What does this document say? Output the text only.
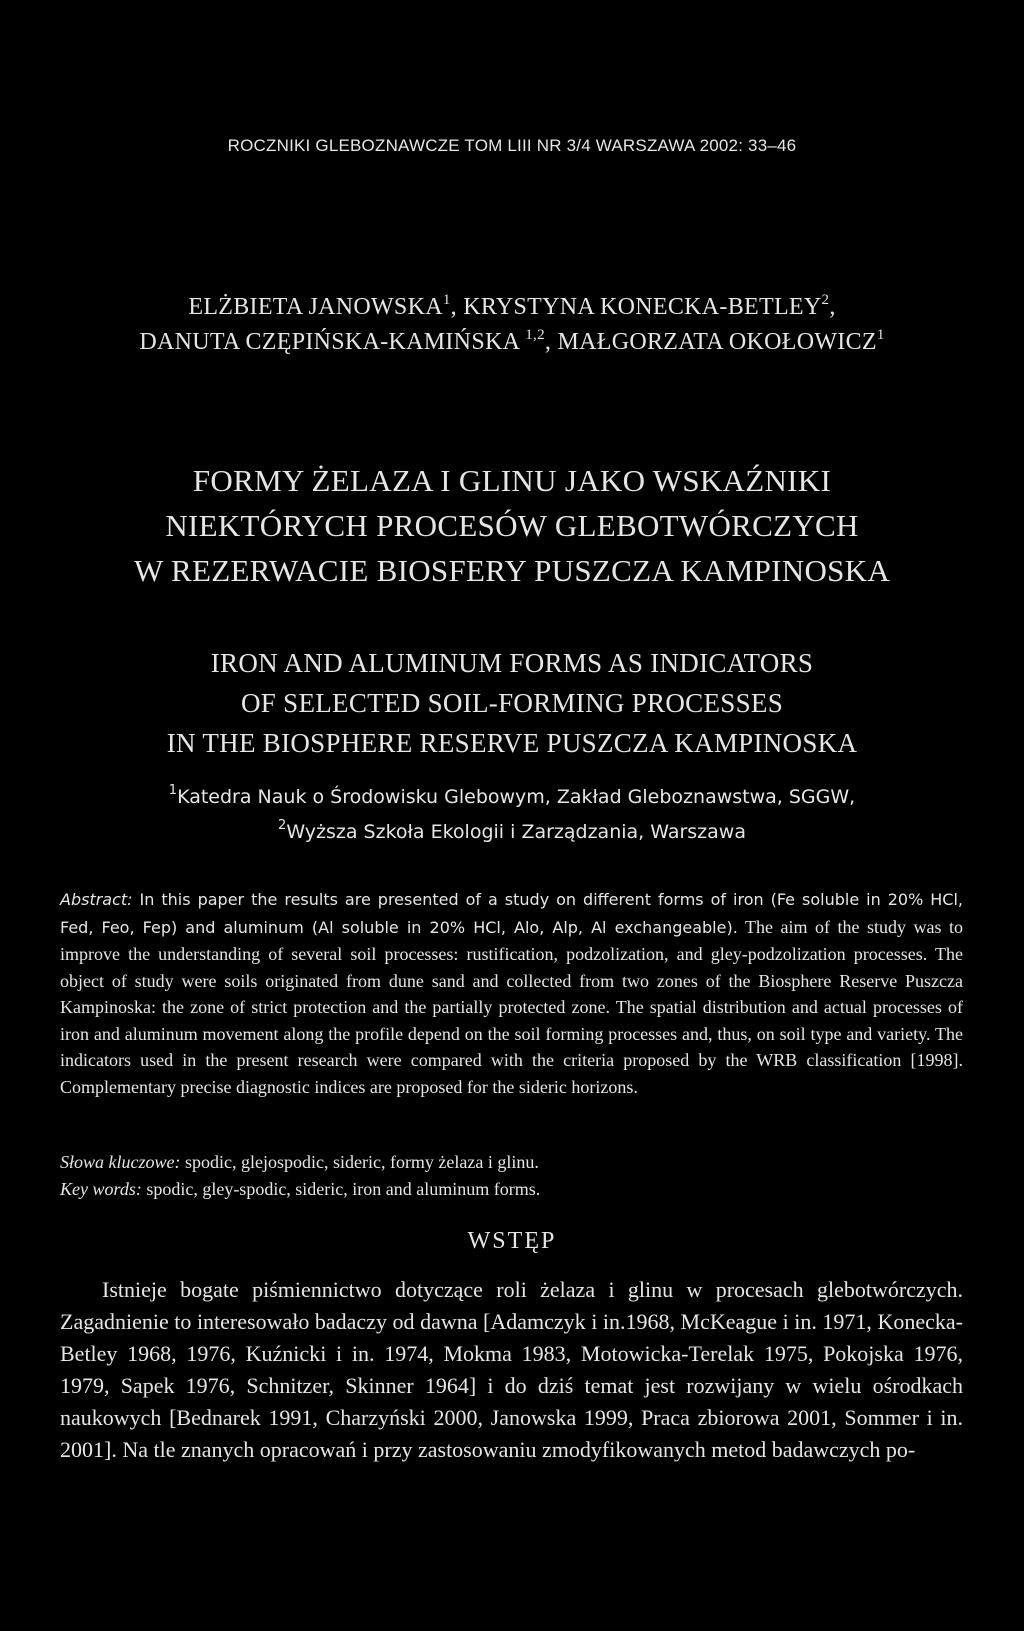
ROCZNIKI GLEBOZNAWCZE TOM LIII NR 3/4 WARSZAWA 2002: 33–46
ELŻBIETA JANOWSKA$^1$, KRYSTYNA KONECKA-BETLEY$^2$,
DANUTA CZĘPIŃSKA-KAMIŃSKA $^{1,2}$, MAŁGORZATA OKOŁOWICZ$^1$
FORMY ŻELAZA I GLINU JAKO WSKAŹNIKI
NIEKTÓRYCH PROCESÓW GLEBOTWÓRCZYCH
W REZERWACIE BIOSFERY PUSZCZA KAMPINOSKA
IRON AND ALUMINUM FORMS AS INDICATORS
OF SELECTED SOIL-FORMING PROCESSES
IN THE BIOSPHERE RESERVE PUSZCZA KAMPINOSKA
$^1$Katedra Nauk o Środowisku Glebowym, Zakład Gleboznawstwa, SGGW,
$^2$Wyższa Szkoła Ekologii i Zarządzania, Warszawa
Abstract: In this paper the results are presented of a study on different forms of iron (Fe soluble in 20% HCl, Fed, Feo, Fep) and aluminum (Al soluble in 20% HCl, Alo, Alp, Al exchangeable). The aim of the study was to improve the understanding of several soil processes: rustification, podzolization, and gley-podzolization processes. The object of study were soils originated from dune sand and collected from two zones of the Biosphere Reserve Puszcza Kampinoska: the zone of strict protection and the partially protected zone. The spatial distribution and actual processes of iron and aluminum movement along the profile depend on the soil forming processes and, thus, on soil type and variety. The indicators used in the present research were compared with the criteria proposed by the WRB classification [1998]. Complementary precise diagnostic indices are proposed for the sideric horizons.
Słowa kluczowe: spodic, glejospodic, sideric, formy żelaza i glinu.
Key words: spodic, gley-spodic, sideric, iron and aluminum forms.
WSTĘP
Istnieje bogate piśmiennictwo dotyczące roli żelaza i glinu w procesach glebotwórczych. Zagadnienie to interesowało badaczy od dawna [Adamczyk i in.1968, McKeague i in. 1971, Konecka-Betley 1968, 1976, Kuźnicki i in. 1974, Mokma 1983, Motowicka-Terelak 1975, Pokojska 1976, 1979, Sapek 1976, Schnitzer, Skinner 1964] i do dziś temat jest rozwijany w wielu ośrodkach naukowych [Bednarek 1991, Charzyński 2000, Janowska 1999, Praca zbiorowa 2001, Sommer i in. 2001]. Na tle znanych opracowań i przy zastosowaniu zmodyfikowanych metod badawczych po-
